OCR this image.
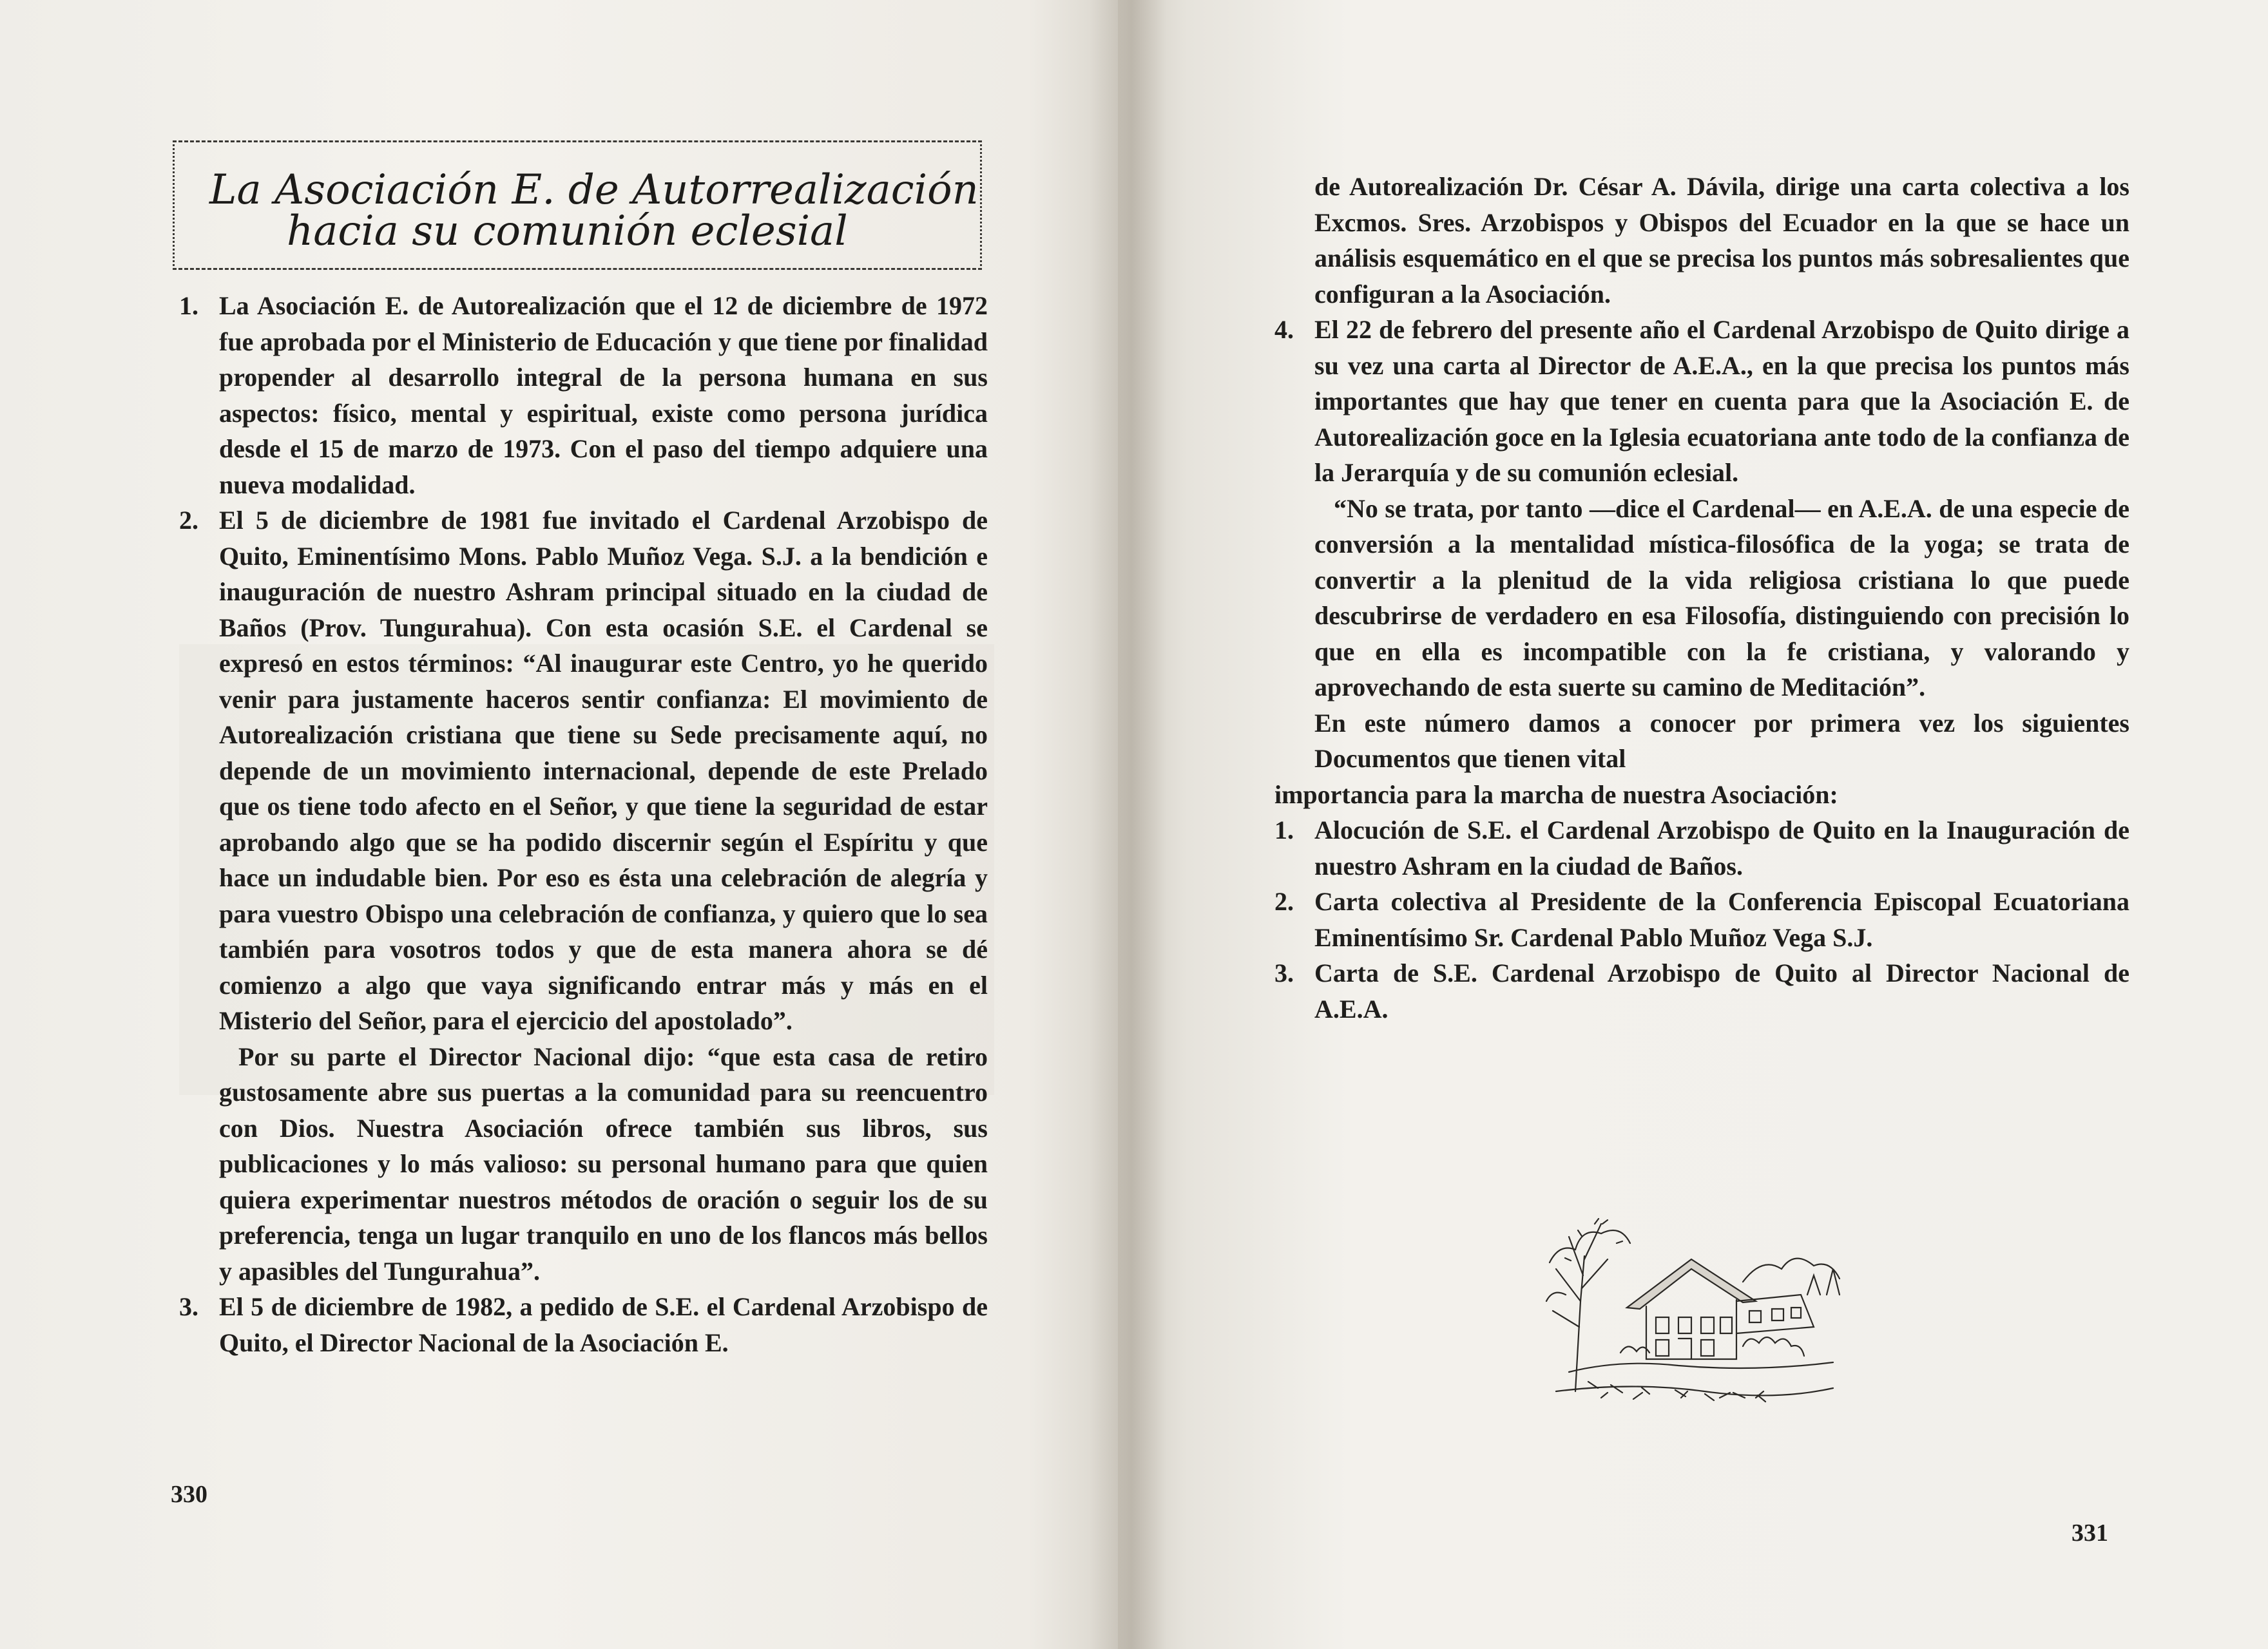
La Asociación E. de Autorrealización
hacia su comunión eclesial
1. La Asociación E. de Autorealización que el 12 de diciembre de 1972 fue aprobada por el Ministerio de Educación y que tiene por finalidad propender al desarrollo integral de la persona humana en sus aspectos: físico, mental y espiritual, existe como persona jurídica desde el 15 de marzo de 1973. Con el paso del tiempo adquiere una nueva modalidad.
2. El 5 de diciembre de 1981 fue invitado el Cardenal Arzobispo de Quito, Eminentísimo Mons. Pablo Muñoz Vega. S.J. a la bendición e inauguración de nuestro Ashram principal situado en la ciudad de Baños (Prov. Tungurahua). Con esta ocasión S.E. el Cardenal se expresó en estos términos: “Al inaugurar este Centro, yo he querido venir para justamente haceros sentir confianza: El movimiento de Autorealización cristiana que tiene su Sede precisamente aquí, no depende de un movimiento internacional, depende de este Prelado que os tiene todo afecto en el Señor, y que tiene la seguridad de estar aprobando algo que se ha podido discernir según el Espíritu y que hace un indudable bien. Por eso es ésta una celebración de alegría y para vuestro Obispo una celebración de confianza, y quiero que lo sea también para vosotros todos y que de esta manera ahora se dé comienzo a algo que vaya significando entrar más y más en el Misterio del Señor, para el ejercicio del apostolado”.

Por su parte el Director Nacional dijo: “que esta casa de retiro gustosamente abre sus puertas a la comunidad para su reencuentro con Dios. Nuestra Asociación ofrece también sus libros, sus publicaciones y lo más valioso: su personal humano para que quien quiera experimentar nuestros métodos de oración o seguir los de su preferencia, tenga un lugar tranquilo en uno de los flancos más bellos y apasibles del Tungurahua”.

3. El 5 de diciembre de 1982, a pedido de S.E. el Cardenal Arzobispo de Quito, el Director Nacional de la Asociación E.

de Autorealización Dr. César A. Dávila, dirige una carta colectiva a los Excmos. Sres. Arzobispos y Obispos del Ecuador en la que se hace un análisis esquemático en el que se precisa los puntos más sobresalientes que configuran a la Asociación.

4. El 22 de febrero del presente año el Cardenal Arzobispo de Quito dirige a su vez una carta al Director de A.E.A., en la que precisa los puntos más importantes que hay que tener en cuenta para que la Asociación E. de Autorealización goce en la Iglesia ecuatoriana ante todo de la confianza de la Jerarquía y de su comunión eclesial.

“No se trata, por tanto —dice el Cardenal— en A.E.A. de una especie de conversión a la mentalidad mística-filosófica de la yoga; se trata de convertir a la plenitud de la vida religiosa cristiana lo que puede descubrirse de verdadero en esa Filosofía, distinguiendo con precisión lo que en ella es incompatible con la fe cristiana, y valorando y aprovechando de esta suerte su camino de Meditación”.

En este número damos a conocer por primera vez los siguientes Documentos que tienen vital

importancia para la marcha de nuestra Asociación:

1. Alocución de S.E. el Cardenal Arzobispo de Quito en la Inauguración de nuestro Ashram en la ciudad de Baños.
2. Carta colectiva al Presidente de la Conferencia Episcopal Ecuatoriana Eminentísimo Sr. Cardenal Pablo Muñoz Vega S.J.
3. Carta de S.E. Cardenal Arzobispo de Quito al Director Nacional de A.E.A.
330
331
